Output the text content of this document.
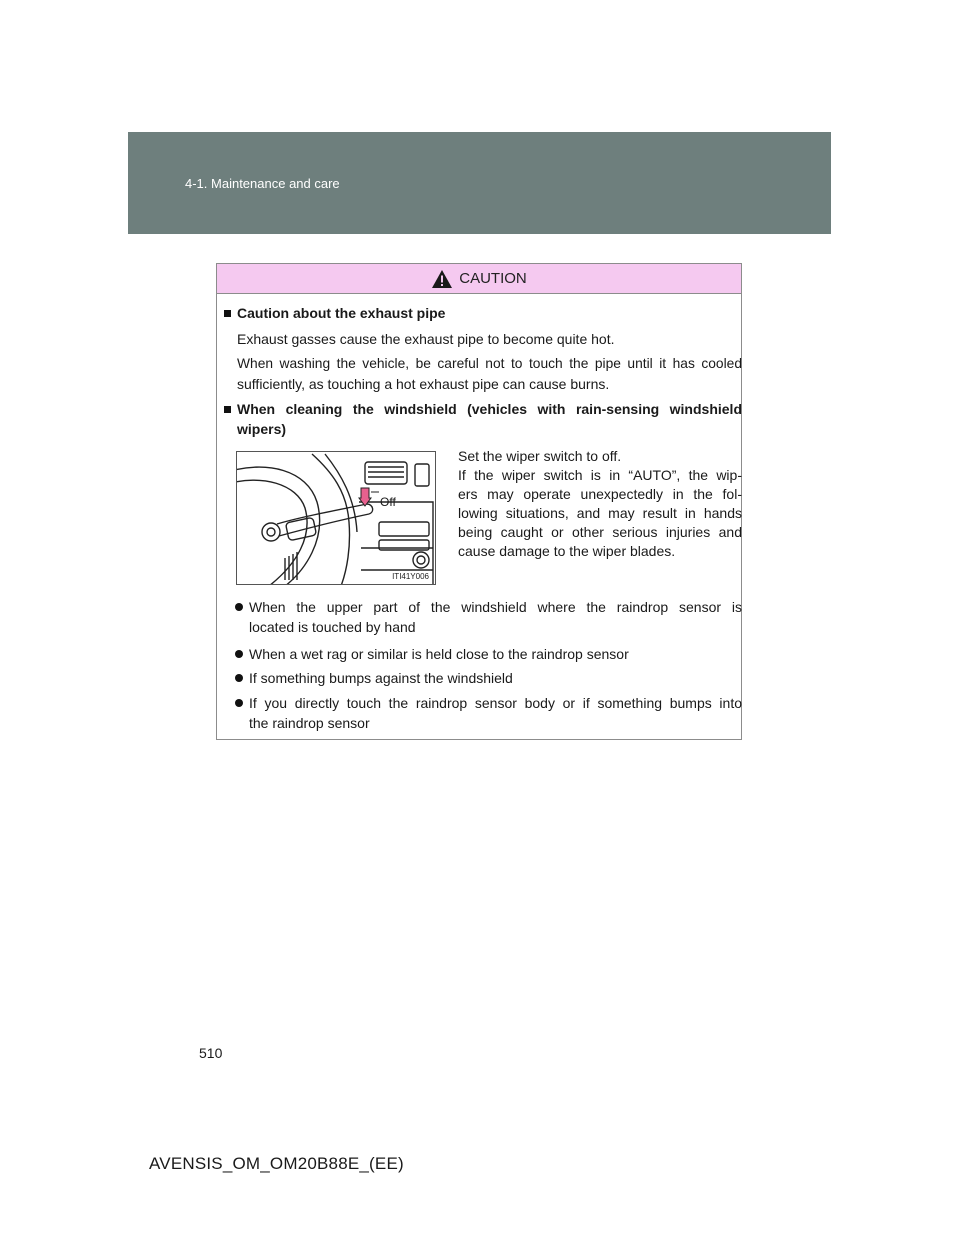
4-1. Maintenance and care
CAUTION
Caution about the exhaust pipe
Exhaust gasses cause the exhaust pipe to become quite hot.
When washing the vehicle, be careful not to touch the pipe until it has cooled
sufficiently, as touching a hot exhaust pipe can cause burns.
When cleaning the windshield (vehicles with rain-sensing windshield
wipers)
Off
ITI41Y006
Set the wiper switch to off.
If the wiper switch is in “AUTO”, the wip-
ers may operate unexpectedly in the fol-
lowing situations, and may result in hands
being caught or other serious injuries and
cause damage to the wiper blades.
When the upper part of the windshield where the raindrop sensor is
located is touched by hand
When a wet rag or similar is held close to the raindrop sensor
If something bumps against the windshield
If you directly touch the raindrop sensor body or if something bumps into
the raindrop sensor
510
AVENSIS_OM_OM20B88E_(EE)
